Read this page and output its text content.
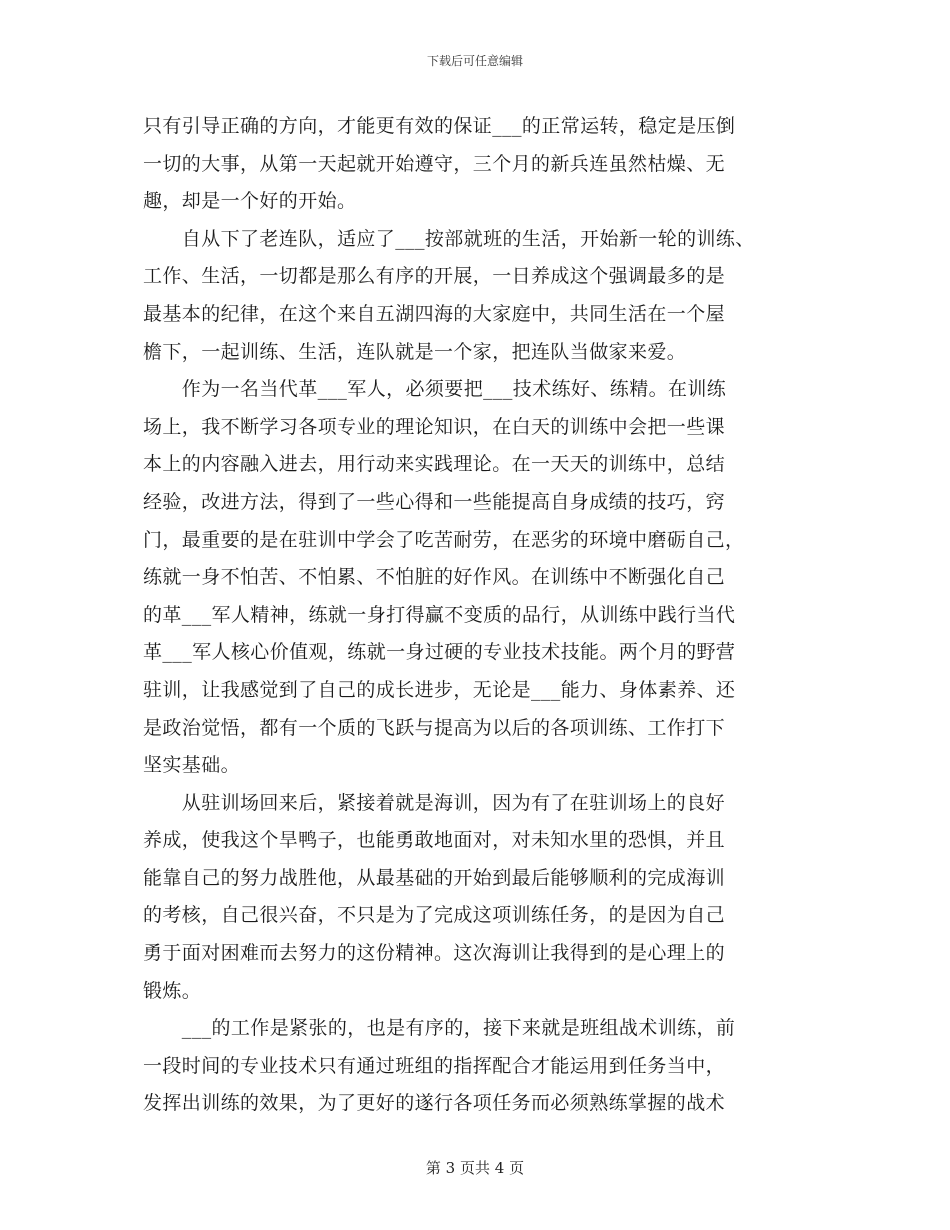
下载后可任意编辑
只有引导正确的方向，才能更有效的保证___的正常运转，稳定是压倒
一切的大事，从第一天起就开始遵守，三个月的新兵连虽然枯燥、无
趣，却是一个好的开始。
　　自从下了老连队，适应了___按部就班的生活，开始新一轮的训练、
工作、生活，一切都是那么有序的开展，一日养成这个强调最多的是
最基本的纪律，在这个来自五湖四海的大家庭中，共同生活在一个屋
檐下，一起训练、生活，连队就是一个家，把连队当做家来爱。
　　作为一名当代革___军人，必须要把___技术练好、练精。在训练
场上，我不断学习各项专业的理论知识，在白天的训练中会把一些课
本上的内容融入进去，用行动来实践理论。在一天天的训练中，总结
经验，改进方法，得到了一些心得和一些能提高自身成绩的技巧，窍
门，最重要的是在驻训中学会了吃苦耐劳，在恶劣的环境中磨砺自己，
练就一身不怕苦、不怕累、不怕脏的好作风。在训练中不断强化自己
的革___军人精神，练就一身打得赢不变质的品行，从训练中践行当代
革___军人核心价值观，练就一身过硬的专业技术技能。两个月的野营
驻训，让我感觉到了自己的成长进步，无论是___能力、身体素养、还
是政治觉悟，都有一个质的飞跃与提高为以后的各项训练、工作打下
坚实基础。
　　从驻训场回来后，紧接着就是海训，因为有了在驻训场上的良好
养成，使我这个旱鸭子，也能勇敢地面对，对未知水里的恐惧，并且
能靠自己的努力战胜他，从最基础的开始到最后能够顺利的完成海训
的考核，自己很兴奋，不只是为了完成这项训练任务，的是因为自己
勇于面对困难而去努力的这份精神。这次海训让我得到的是心理上的
锻炼。
　　___的工作是紧张的，也是有序的，接下来就是班组战术训练，前
一段时间的专业技术只有通过班组的指挥配合才能运用到任务当中，
发挥出训练的效果，为了更好的遂行各项任务而必须熟练掌握的战术
第 3 页共 4 页
